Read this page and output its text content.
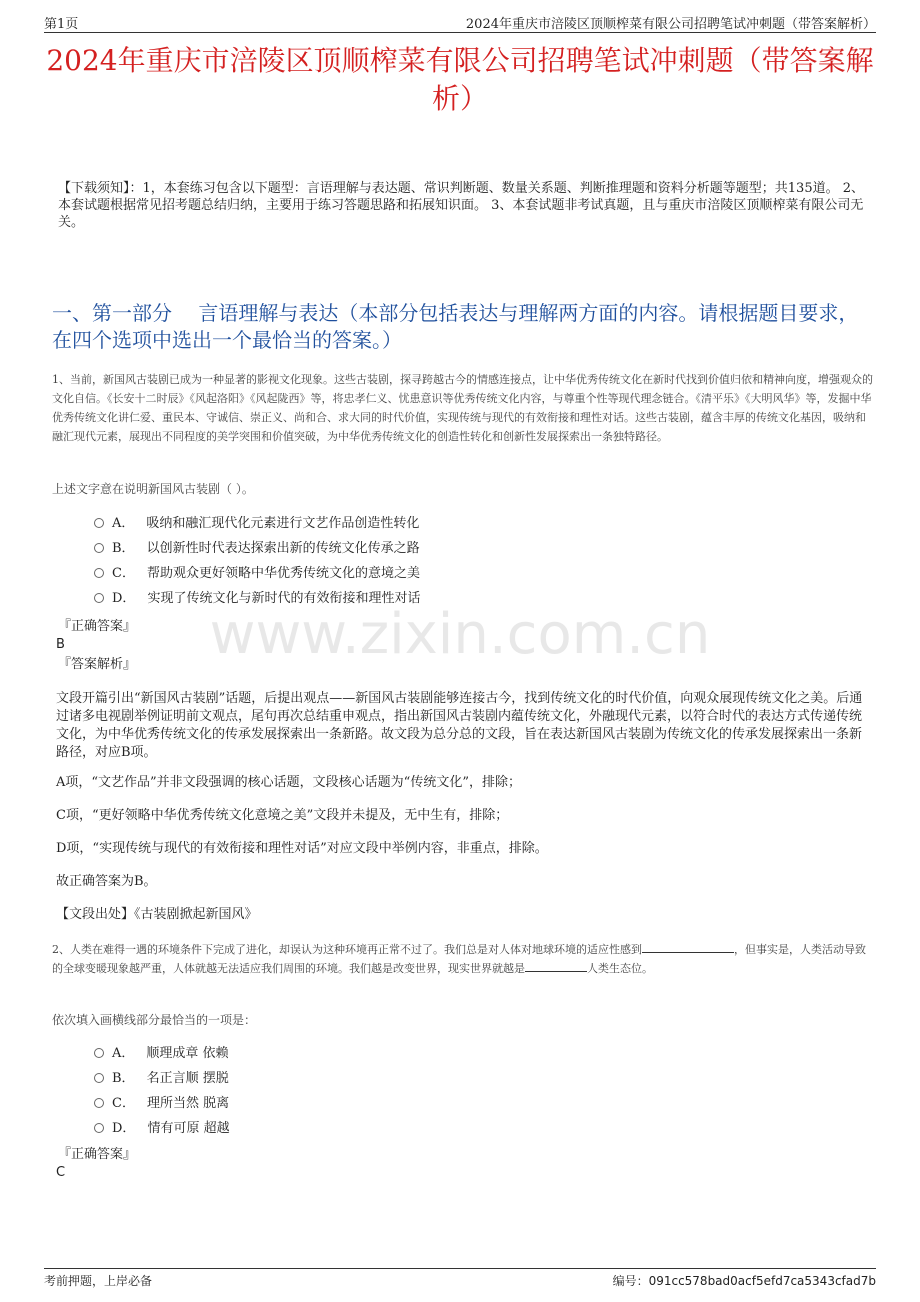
第1页	2024年重庆市涪陵区顶顺榨菜有限公司招聘笔试冲刺题（带答案解析）
2024年重庆市涪陵区顶顺榨菜有限公司招聘笔试冲刺题（带答案解析）
【下载须知】：1，本套练习包含以下题型：言语理解与表达题、常识判断题、数量关系题、判断推理题和资料分析题等题型；共135道。 2、本套试题根据常见招考题总结归纳，主要用于练习答题思路和拓展知识面。 3、本套试题非考试真题，且与重庆市涪陵区顶顺榨菜有限公司无关。
一、第一部分　 言语理解与表达（本部分包括表达与理解两方面的内容。请根据题目要求，在四个选项中选出一个最恰当的答案。）
1、当前，新国风古装剧已成为一种显著的影视文化现象。这些古装剧，探寻跨越古今的情感连接点，让中华优秀传统文化在新时代找到价值归依和精神向度，增强观众的文化自信。《长安十二时辰》《风起洛阳》《风起陇西》等，将忠孝仁义、忧患意识等优秀传统文化内容，与尊重个性等现代理念链合。《清平乐》《大明风华》等，发掘中华优秀传统文化讲仁爱、重民本、守诚信、崇正义、尚和合、求大同的时代价值，实现传统与现代的有效衔接和理性对话。这些古装剧，蕴含丰厚的传统文化基因，吸纳和融汇现代元素，展现出不同程度的美学突围和价值突破，为中华优秀传统文化的创造性转化和创新性发展探索出一条独特路径。
上述文字意在说明新国风古装剧（ ）。
A． 吸纳和融汇现代化元素进行文艺作品创造性转化
B． 以创新性时代表达探索出新的传统文化传承之路
C． 帮助观众更好领略中华优秀传统文化的意境之美
D． 实现了传统文化与新时代的有效衔接和理性对话
www.zixin.com.cn
『正确答案』
B
『答案解析』
文段开篇引出“新国风古装剧”话题，后提出观点——新国风古装剧能够连接古今，找到传统文化的时代价值，向观众展现传统文化之美。后通过诸多电视剧举例证明前文观点，尾句再次总结重申观点，指出新国风古装剧内蕴传统文化，外融现代元素，以符合时代的表达方式传递传统文化，为中华优秀传统文化的传承发展探索出一条新路。故文段为总分总的文段，旨在表达新国风古装剧为传统文化的传承发展探索出一条新路径，对应B项。
A项，“文艺作品”并非文段强调的核心话题，文段核心话题为“传统文化”，排除；
C项，“更好领略中华优秀传统文化意境之美”文段并未提及，无中生有，排除；
D项，“实现传统与现代的有效衔接和理性对话”对应文段中举例内容，非重点，排除。
故正确答案为B。
【文段出处】《古装剧掀起新国风》
2、人类在难得一遇的环境条件下完成了进化，却误认为这种环境再正常不过了。我们总是对人体对地球环境的适应性感到	，但事实是，人类活动导致的全球变暖现象越严重，人体就越无法适应我们周围的环境。我们越是改变世界，现实世界就越是	人类生态位。
依次填入画横线部分最恰当的一项是：
A． 顺理成章 依赖
B． 名正言顺 摆脱
C． 理所当然 脱离
D． 情有可原 超越
『正确答案』
C
考前押题，上岸必备	编号：091cc578bad0acf5efd7ca5343cfad7b
